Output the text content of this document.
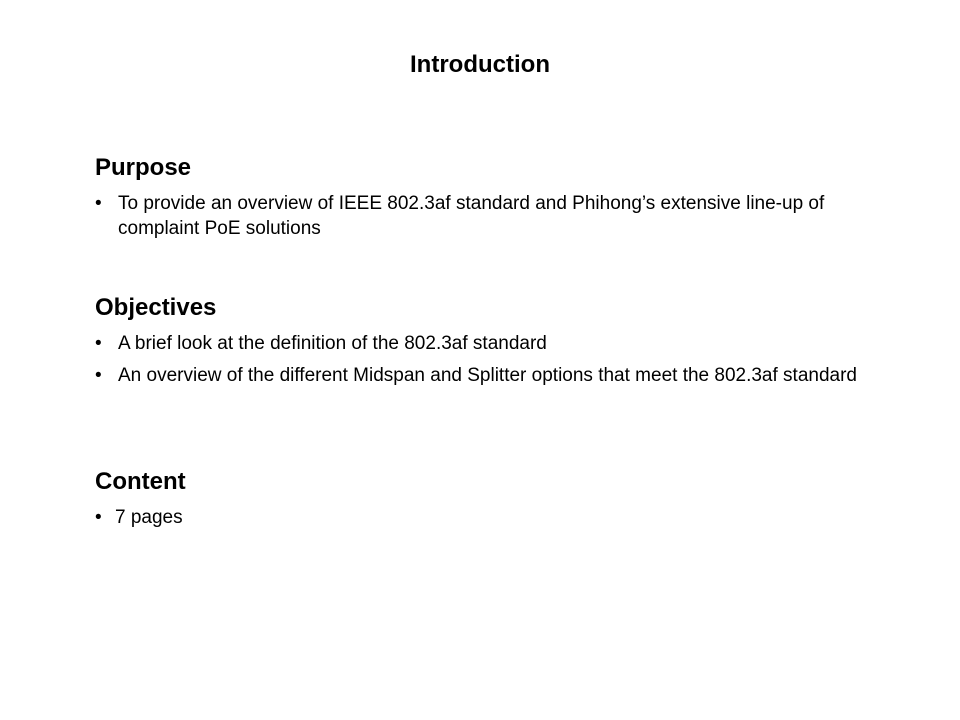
Introduction
Purpose
• To provide an overview of IEEE 802.3af standard and Phihong’s extensive line-up of complaint PoE solutions
Objectives
• A brief look at the definition of the 802.3af standard
• An overview of the different Midspan and Splitter options that meet the 802.3af standard
Content
• 7 pages
